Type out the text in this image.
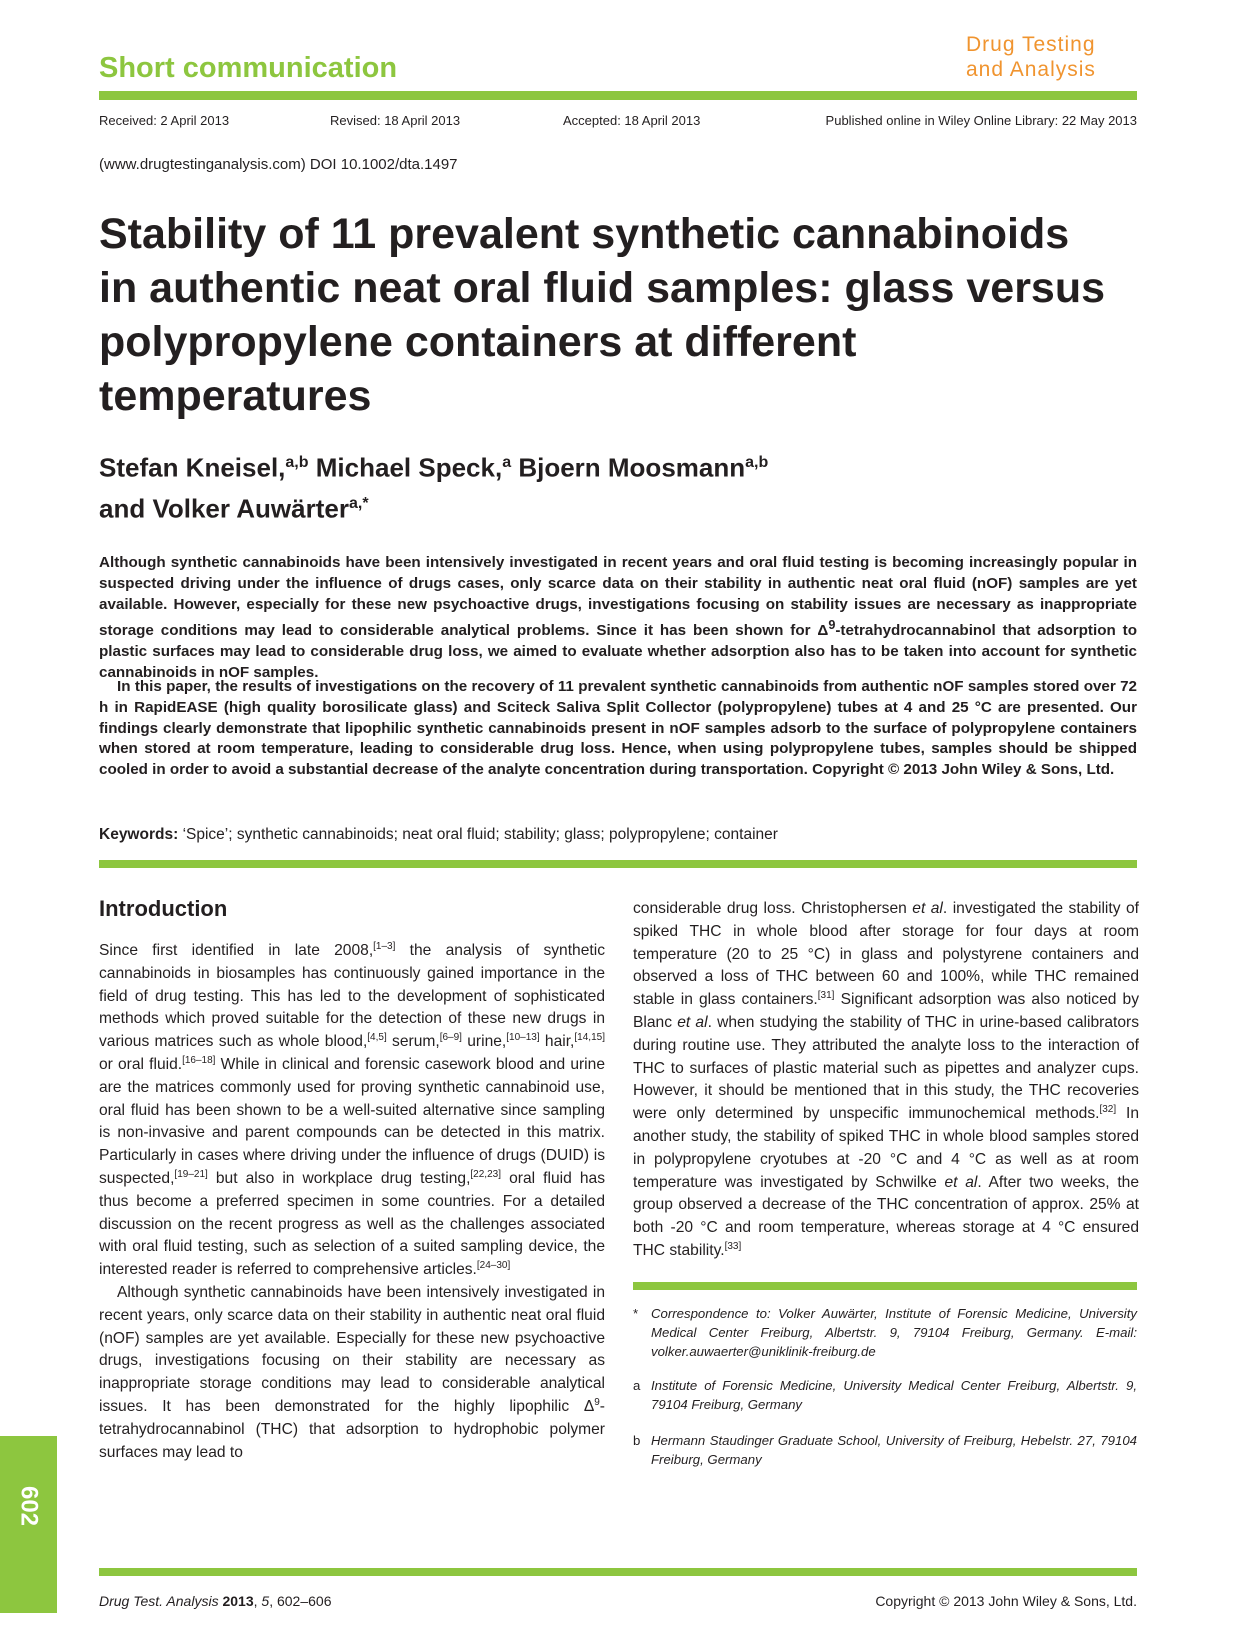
Short communication
Drug Testing
and Analysis
Received: 2 April 2013	Revised: 18 April 2013	Accepted: 18 April 2013	Published online in Wiley Online Library: 22 May 2013
(www.drugtestinganalysis.com) DOI 10.1002/dta.1497
Stability of 11 prevalent synthetic cannabinoids in authentic neat oral fluid samples: glass versus polypropylene containers at different temperatures
Stefan Kneisel,$^{a,b}$ Michael Speck,$^a$ Bjoern Moosmann$^{a,b}$
and Volker Auwärter$^{a,*}$

Although synthetic cannabinoids have been intensively investigated in recent years and oral fluid testing is becoming increasingly popular in suspected driving under the influence of drugs cases, only scarce data on their stability in authentic neat oral fluid (nOF) samples are yet available. However, especially for these new psychoactive drugs, investigations focusing on stability issues are necessary as inappropriate storage conditions may lead to considerable analytical problems. Since it has been shown for $\Delta^9$-tetrahydrocannabinol that adsorption to plastic surfaces may lead to considerable drug loss, we aimed to evaluate whether adsorption also has to be taken into account for synthetic cannabinoids in nOF samples.

In this paper, the results of investigations on the recovery of 11 prevalent synthetic cannabinoids from authentic nOF samples stored over 72 h in RapidEASE (high quality borosilicate glass) and Sciteck Saliva Split Collector (polypropylene) tubes at 4 and 25 °C are presented. Our findings clearly demonstrate that lipophilic synthetic cannabinoids present in nOF samples adsorb to the surface of polypropylene containers when stored at room temperature, leading to considerable drug loss. Hence, when using polypropylene tubes, samples should be shipped cooled in order to avoid a substantial decrease of the analyte concentration during transportation. Copyright © 2013 John Wiley & Sons, Ltd.

Keywords: ‘Spice’; synthetic cannabinoids; neat oral fluid; stability; glass; polypropylene; container
Introduction

Since first identified in late 2008,[1–3] the analysis of synthetic cannabinoids in biosamples has continuously gained importance in the field of drug testing. This has led to the development of sophisticated methods which proved suitable for the detection of these new drugs in various matrices such as whole blood,[4,5] serum,[6–9] urine,[10–13] hair,[14,15] or oral fluid.[16–18] While in clinical and forensic casework blood and urine are the matrices commonly used for proving synthetic cannabinoid use, oral fluid has been shown to be a well-suited alternative since sampling is non-invasive and parent compounds can be detected in this matrix. Particularly in cases where driving under the influence of drugs (DUID) is suspected,[19–21] but also in workplace drug testing,[22,23] oral fluid has thus become a preferred specimen in some countries. For a detailed discussion on the recent progress as well as the challenges associated with oral fluid testing, such as selection of a suited sampling device, the interested reader is referred to comprehensive articles.[24–30]

Although synthetic cannabinoids have been intensively investigated in recent years, only scarce data on their stability in authentic neat oral fluid (nOF) samples are yet available. Especially for these new psychoactive drugs, investigations focusing on their stability are necessary as inappropriate storage conditions may lead to considerable analytical issues. It has been demonstrated for the highly lipophilic $\Delta^9$-tetrahydrocannabinol (THC) that adsorption to hydrophobic polymer surfaces may lead to

considerable drug loss. Christophersen et al. investigated the stability of spiked THC in whole blood after storage for four days at room temperature (20 to 25 °C) in glass and polystyrene containers and observed a loss of THC between 60 and 100%, while THC remained stable in glass containers.[31] Significant adsorption was also noticed by Blanc et al. when studying the stability of THC in urine-based calibrators during routine use. They attributed the analyte loss to the interaction of THC to surfaces of plastic material such as pipettes and analyzer cups. However, it should be mentioned that in this study, the THC recoveries were only determined by unspecific immunochemical methods.[32] In another study, the stability of spiked THC in whole blood samples stored in polypropylene cryotubes at -20 °C and 4 °C as well as at room temperature was investigated by Schwilke et al. After two weeks, the group observed a decrease of the THC concentration of approx. 25% at both -20 °C and room temperature, whereas storage at 4 °C ensured THC stability.[33]

* Correspondence to: Volker Auwärter, Institute of Forensic Medicine, University Medical Center Freiburg, Albertstr. 9, 79104 Freiburg, Germany. E-mail: volker.auwaerter@uniklinik-freiburg.de
a Institute of Forensic Medicine, University Medical Center Freiburg, Albertstr. 9, 79104 Freiburg, Germany
b Hermann Staudinger Graduate School, University of Freiburg, Hebelstr. 27, 79104 Freiburg, Germany
602
Drug Test. Analysis 2013, 5, 602–606	Copyright © 2013 John Wiley & Sons, Ltd.
